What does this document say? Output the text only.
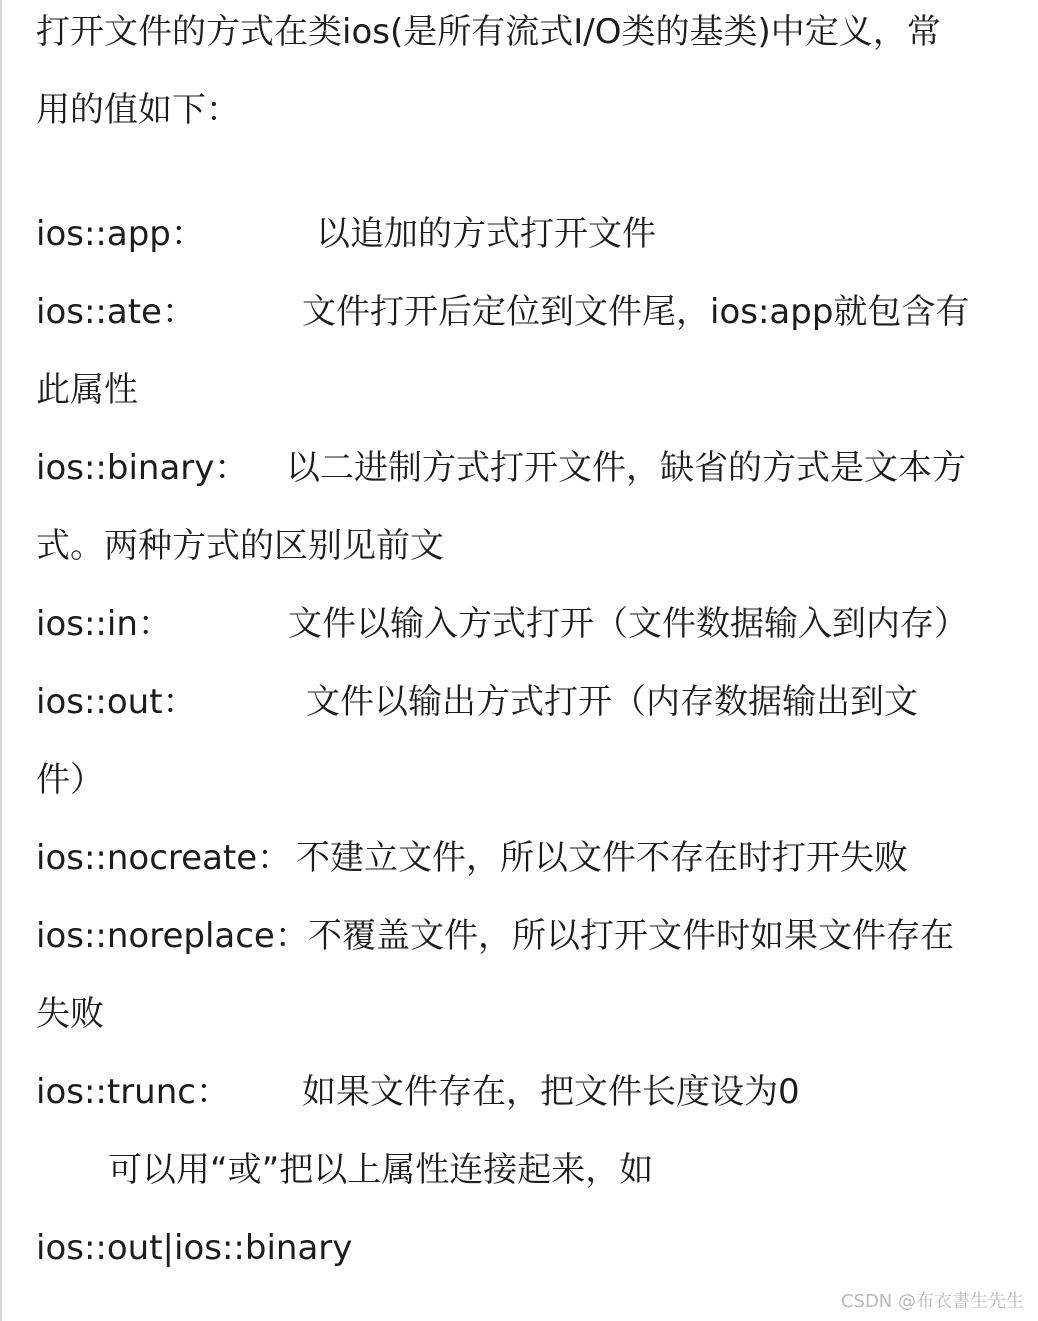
打开文件的方式在类ios(是所有流式I/O类的基类)中定义，常
用的值如下：
ios::app：	以追加的方式打开文件
ios::ate：	文件打开后定位到文件尾，ios:app就包含有
此属性
ios::binary： 以二进制方式打开文件，缺省的方式是文本方
式。两种方式的区别见前文
ios::in：	文件以输入方式打开（文件数据输入到内存）
ios::out：	文件以输出方式打开（内存数据输出到文
件）
ios::nocreate： 不建立文件，所以文件不存在时打开失败
ios::noreplace： 不覆盖文件，所以打开文件时如果文件存在
失败
ios::trunc： 如果文件存在，把文件长度设为0
可以用“或”把以上属性连接起来，如
ios::out|ios::binary
CSDN @布衣書生先生
